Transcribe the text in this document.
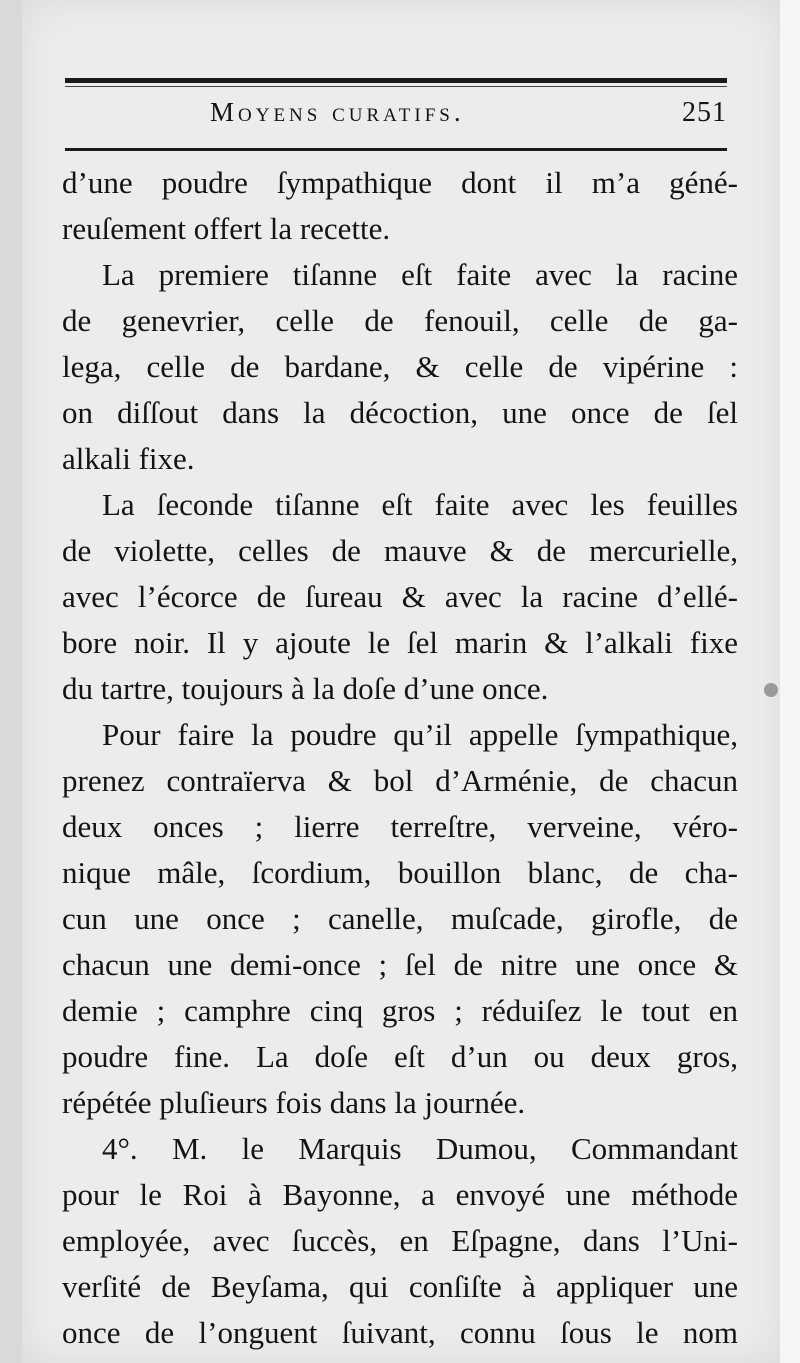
Moyens curatifs.	251
d’une poudre ſympathique dont il m’a géné-
reuſement offert la recette.
La premiere tiſanne eſt faite avec la racine
de genevrier, celle de fenouil, celle de ga-
lega, celle de bardane, & celle de vipérine :
on diſſout dans la décoction, une once de ſel
alkali fixe.
La ſeconde tiſanne eſt faite avec les feuilles
de violette, celles de mauve & de mercurielle,
avec l’écorce de ſureau & avec la racine d’ellé-
bore noir. Il y ajoute le ſel marin & l’alkali fixe
du tartre, toujours à la doſe d’une once.
Pour faire la poudre qu’il appelle ſympathique,
prenez contraïerva & bol d’Arménie, de chacun
deux onces ; lierre terreſtre, verveine, véro-
nique mâle, ſcordium, bouillon blanc, de cha-
cun une once ; canelle, muſcade, girofle, de
chacun une demi-once ; ſel de nitre une once &
demie ; camphre cinq gros ; réduiſez le tout en
poudre fine. La doſe eſt d’un ou deux gros,
répétée pluſieurs fois dans la journée.
4°. M. le Marquis Dumou, Commandant
pour le Roi à Bayonne, a envoyé une méthode
employée, avec ſuccès, en Eſpagne, dans l’Uni-
verſité de Beyſama, qui conſiſte à appliquer une
once de l’onguent ſuivant, connu ſous le nom
